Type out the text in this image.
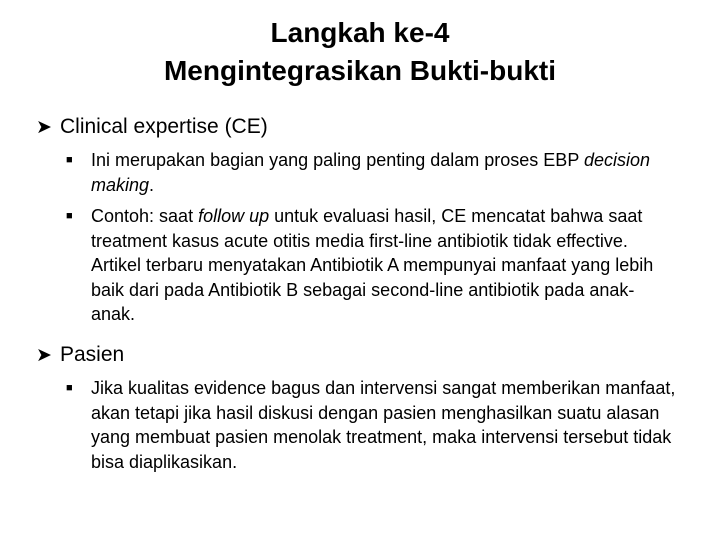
Langkah ke-4
Mengintegrasikan Bukti-bukti
➤ Clinical expertise (CE)
■ Ini merupakan bagian yang paling penting dalam proses EBP decision making.
■ Contoh: saat follow up untuk evaluasi hasil, CE mencatat bahwa saat treatment kasus acute otitis media first-line antibiotik tidak effective. Artikel terbaru menyatakan Antibiotik A mempunyai manfaat yang lebih baik dari pada Antibiotik B sebagai second-line antibiotik pada anak-anak.
➤ Pasien
■ Jika kualitas evidence bagus dan intervensi sangat memberikan manfaat, akan tetapi jika hasil diskusi dengan pasien menghasilkan suatu alasan yang membuat pasien menolak treatment, maka intervensi tersebut tidak bisa diaplikasikan.
